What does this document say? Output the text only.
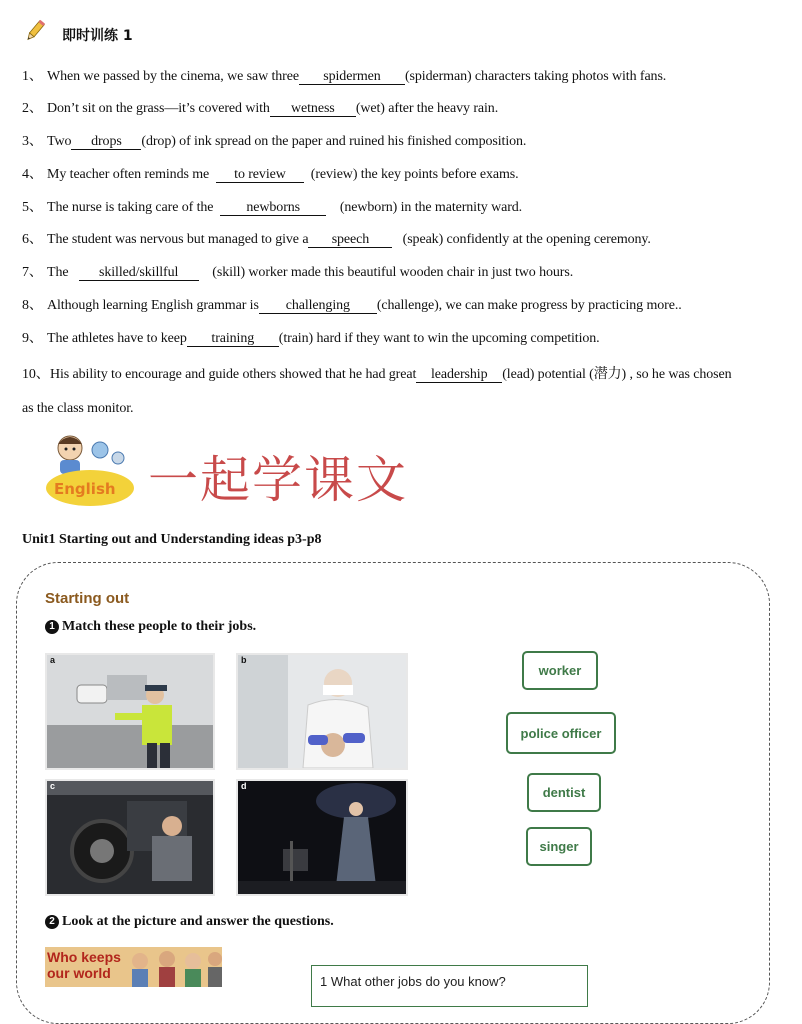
即时训练 1
1、 When we passed by the cinema, we saw three spidermen (spiderman) characters taking photos with fans.
2、 Don’t sit on the grass—it’s covered with wetness (wet) after the heavy rain.
3、 Two drops (drop) of ink spread on the paper and ruined his finished composition.
4、 My teacher often reminds me to review (review) the key points before exams.
5、 The nurse is taking care of the newborns	(newborn) in the maternity ward.
6、 The student was nervous but managed to give a speech (speak) confidently at the opening ceremony.
7、 The skilled/skillful (skill) worker made this beautiful wooden chair in just two hours.
8、 Although learning English grammar is challenging (challenge), we can make progress by practicing more..
9、 The athletes have to keep training (train) hard if they want to win the upcoming competition.
10、His ability to encourage and guide others showed that he had great leadership (lead) potential (潜力) , so he was chosen
as the class monitor.
English 一起学课文
Unit1 Starting out and Understanding ideas p3-p8
Starting out
1 Match these people to their jobs.
a	b
c	d
worker
police officer
dentist
singer
2 Look at the picture and answer the questions.
Who keeps
our world
1 What other jobs do you know?
